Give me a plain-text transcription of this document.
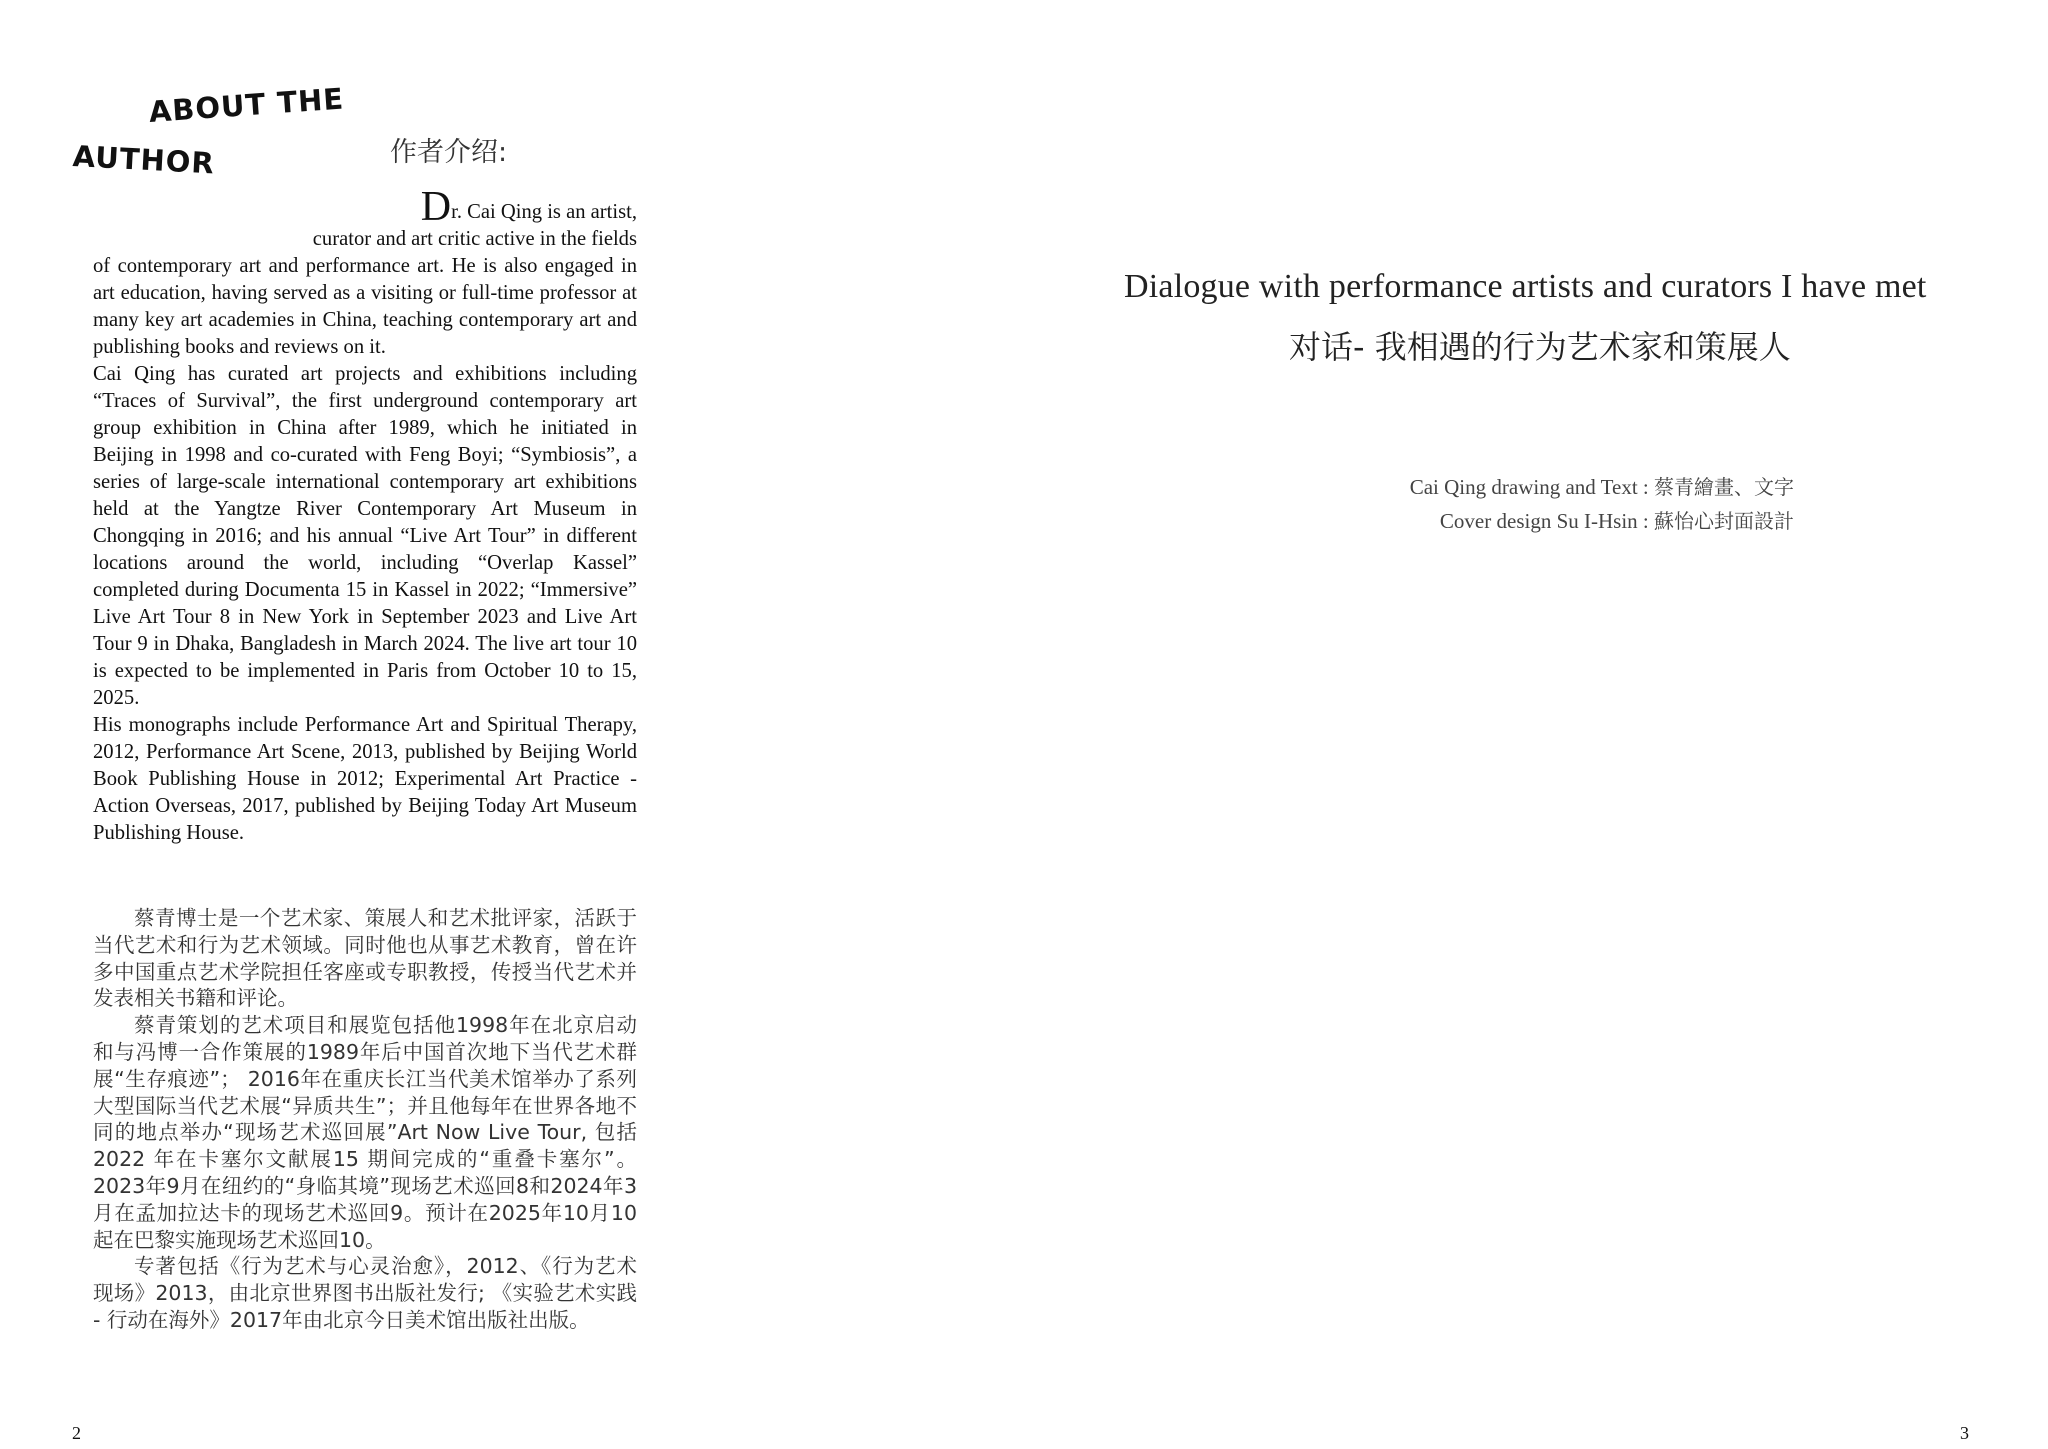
ABOUT THE
AUTHOR	作者介绍:

Dr. Cai Qing is an artist,
curator and art critic active in the fields
of contemporary art and performance art. He is also engaged in art education, having served as a visiting or full-time professor at many key art academies in China, teaching contemporary art and publishing books and reviews on it.

Cai Qing has curated art projects and exhibitions including “Traces of Survival”, the first underground contemporary art group exhibition in China after 1989, which he initiated in Beijing in 1998 and co-curated with Feng Boyi; “Symbiosis”, a series of large-scale international contemporary art exhibitions held at the Yangtze River Contemporary Art Museum in Chongqing in 2016; and his annual “Live Art Tour” in different locations around the world, including “Overlap Kassel” completed during Documenta 15 in Kassel in 2022; “Immersive” Live Art Tour 8 in New York in September 2023 and Live Art Tour 9 in Dhaka, Bangladesh in March 2024. The live art tour 10 is expected to be implemented in Paris from October 10 to 15, 2025.

His monographs include Performance Art and Spiritual Therapy, 2012, Performance Art Scene, 2013, published by Beijing World Book Publishing House in 2012; Experimental Art Practice - Action Overseas, 2017, published by Beijing Today Art Museum Publishing House.

蔡青博士是一个艺术家、策展人和艺术批评家，活跃于当代艺术和行为艺术领域。同时他也从事艺术教育，曾在许多中国重点艺术学院担任客座或专职教授，传授当代艺术并发表相关书籍和评论。

蔡青策划的艺术项目和展览包括他1998年在北京启动和与冯博一合作策展的1989年后中国首次地下当代艺术群展“生存痕迹”； 2016年在重庆长江当代美术馆举办了系列大型国际当代艺术展“异质共生”；并且他每年在世界各地不同的地点举办“现场艺术巡回展”Art Now Live Tour, 包括2022 年在卡塞尔文献展15 期间完成的“重叠卡塞尔”。2023年9月在纽约的“身临其境”现场艺术巡回8和2024年3月在孟加拉达卡的现场艺术巡回9。预计在2025年10月10起在巴黎实施现场艺术巡回10。

专著包括《行为艺术与心灵治愈》，2012、《行为艺术现场》2013，由北京世界图书出版社发行; 《实验艺术实践 - 行动在海外》2017年由北京今日美术馆出版社出版。

2
Dialogue with performance artists and curators I have met
对话- 我相遇的行为艺术家和策展人
Cai Qing drawing and Text : 蔡青繪畫、文字
Cover design Su I-Hsin : 蘇怡心封面設計
3
